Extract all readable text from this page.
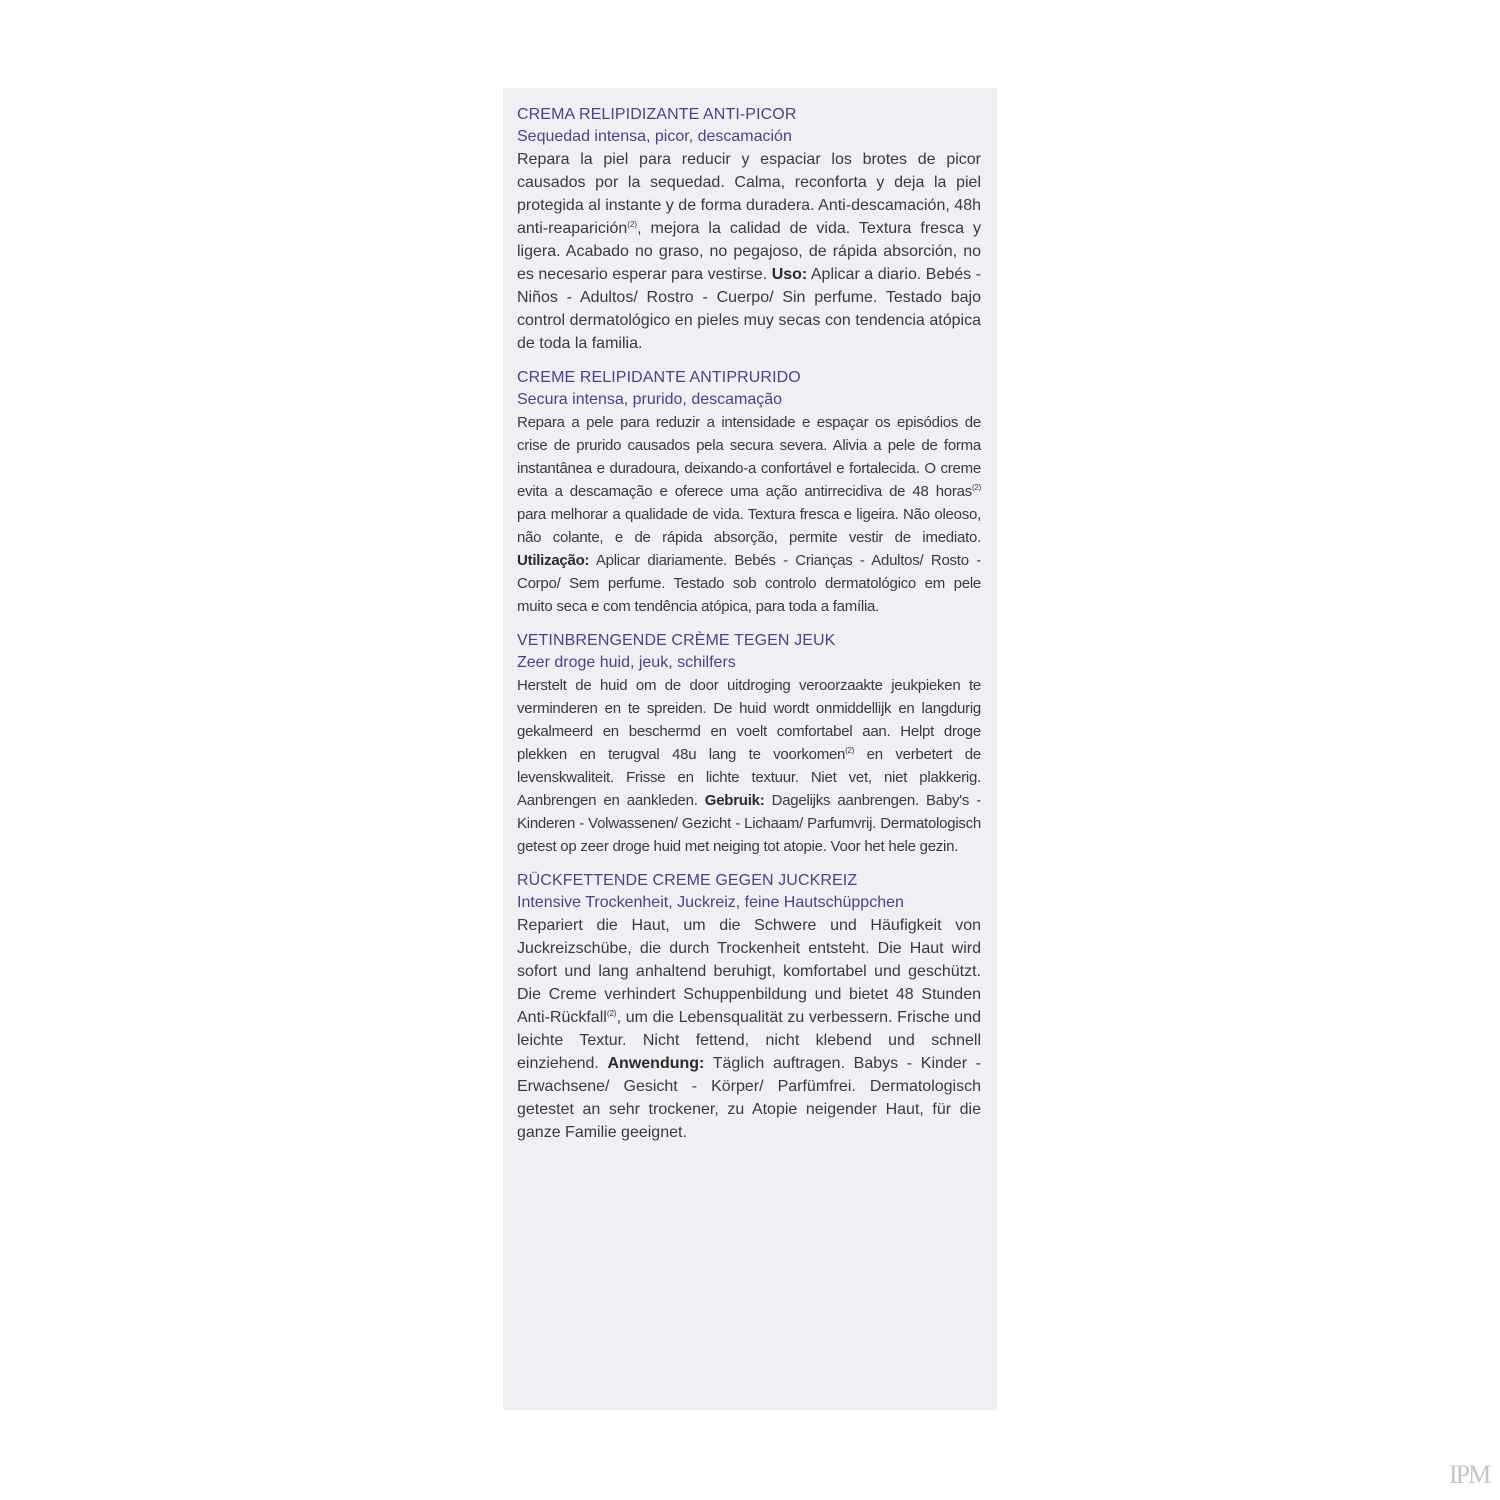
CREMA RELIPIDIZANTE ANTI-PICOR
Sequedad intensa, picor, descamación
Repara la piel para reducir y espaciar los brotes de picor causados por la sequedad. Calma, reconforta y deja la piel protegida al instante y de forma duradera. Anti-descamación, 48h anti-reaparición$^{(2)}$, mejora la calidad de vida. Textura fresca y ligera. Acabado no graso, no pegajoso, de rápida absorción, no es necesario esperar para vestirse. Uso: Aplicar a diario. Bebés - Niños - Adultos/ Rostro - Cuerpo/ Sin perfume. Testado bajo control dermatológico en pieles muy secas con tendencia atópica de toda la familia.
CREME RELIPIDANTE ANTIPRURIDO
Secura intensa, prurido, descamação
Repara a pele para reduzir a intensidade e espaçar os episódios de crise de prurido causados pela secura severa. Alivia a pele de forma instantânea e duradoura, deixando-a confortável e fortalecida. O creme evita a descamação e oferece uma ação antirrecidiva de 48 horas$^{(2)}$ para melhorar a qualidade de vida. Textura fresca e ligeira. Não oleoso, não colante, e de rápida absorção, permite vestir de imediato. Utilização: Aplicar diariamente. Bebés - Crianças - Adultos/ Rosto - Corpo/ Sem perfume. Testado sob controlo dermatológico em pele muito seca e com tendência atópica, para toda a família.
VETINBRENGENDE CRÈME TEGEN JEUK
Zeer droge huid, jeuk, schilfers
Herstelt de huid om de door uitdroging veroorzaakte jeukpieken te verminderen en te spreiden. De huid wordt onmiddellijk en langdurig gekalmeerd en beschermd en voelt comfortabel aan. Helpt droge plekken en terugval 48u lang te voorkomen$^{(2)}$ en verbetert de levenskwaliteit. Frisse en lichte textuur. Niet vet, niet plakkerig. Aanbrengen en aankleden. Gebruik: Dagelijks aanbrengen. Baby's - Kinderen - Volwassenen/ Gezicht - Lichaam/ Parfumvrij. Dermatologisch getest op zeer droge huid met neiging tot atopie. Voor het hele gezin.
RÜCKFETTENDE CREME GEGEN JUCKREIZ
Intensive Trockenheit, Juckreiz, feine Hautschüppchen
Repariert die Haut, um die Schwere und Häufigkeit von Juckreizschübe, die durch Trockenheit entsteht. Die Haut wird sofort und lang anhaltend beruhigt, komfortabel und geschützt. Die Creme verhindert Schuppenbildung und bietet 48 Stunden Anti-Rückfall$^{(2)}$, um die Lebensqualität zu verbessern. Frische und leichte Textur. Nicht fettend, nicht klebend und schnell einziehend. Anwendung: Täglich auftragen. Babys - Kinder - Erwachsene/ Gesicht - Körper/ Parfümfrei. Dermatologisch getestet an sehr trockener, zu Atopie neigender Haut, für die ganze Familie geeignet.
IPM
